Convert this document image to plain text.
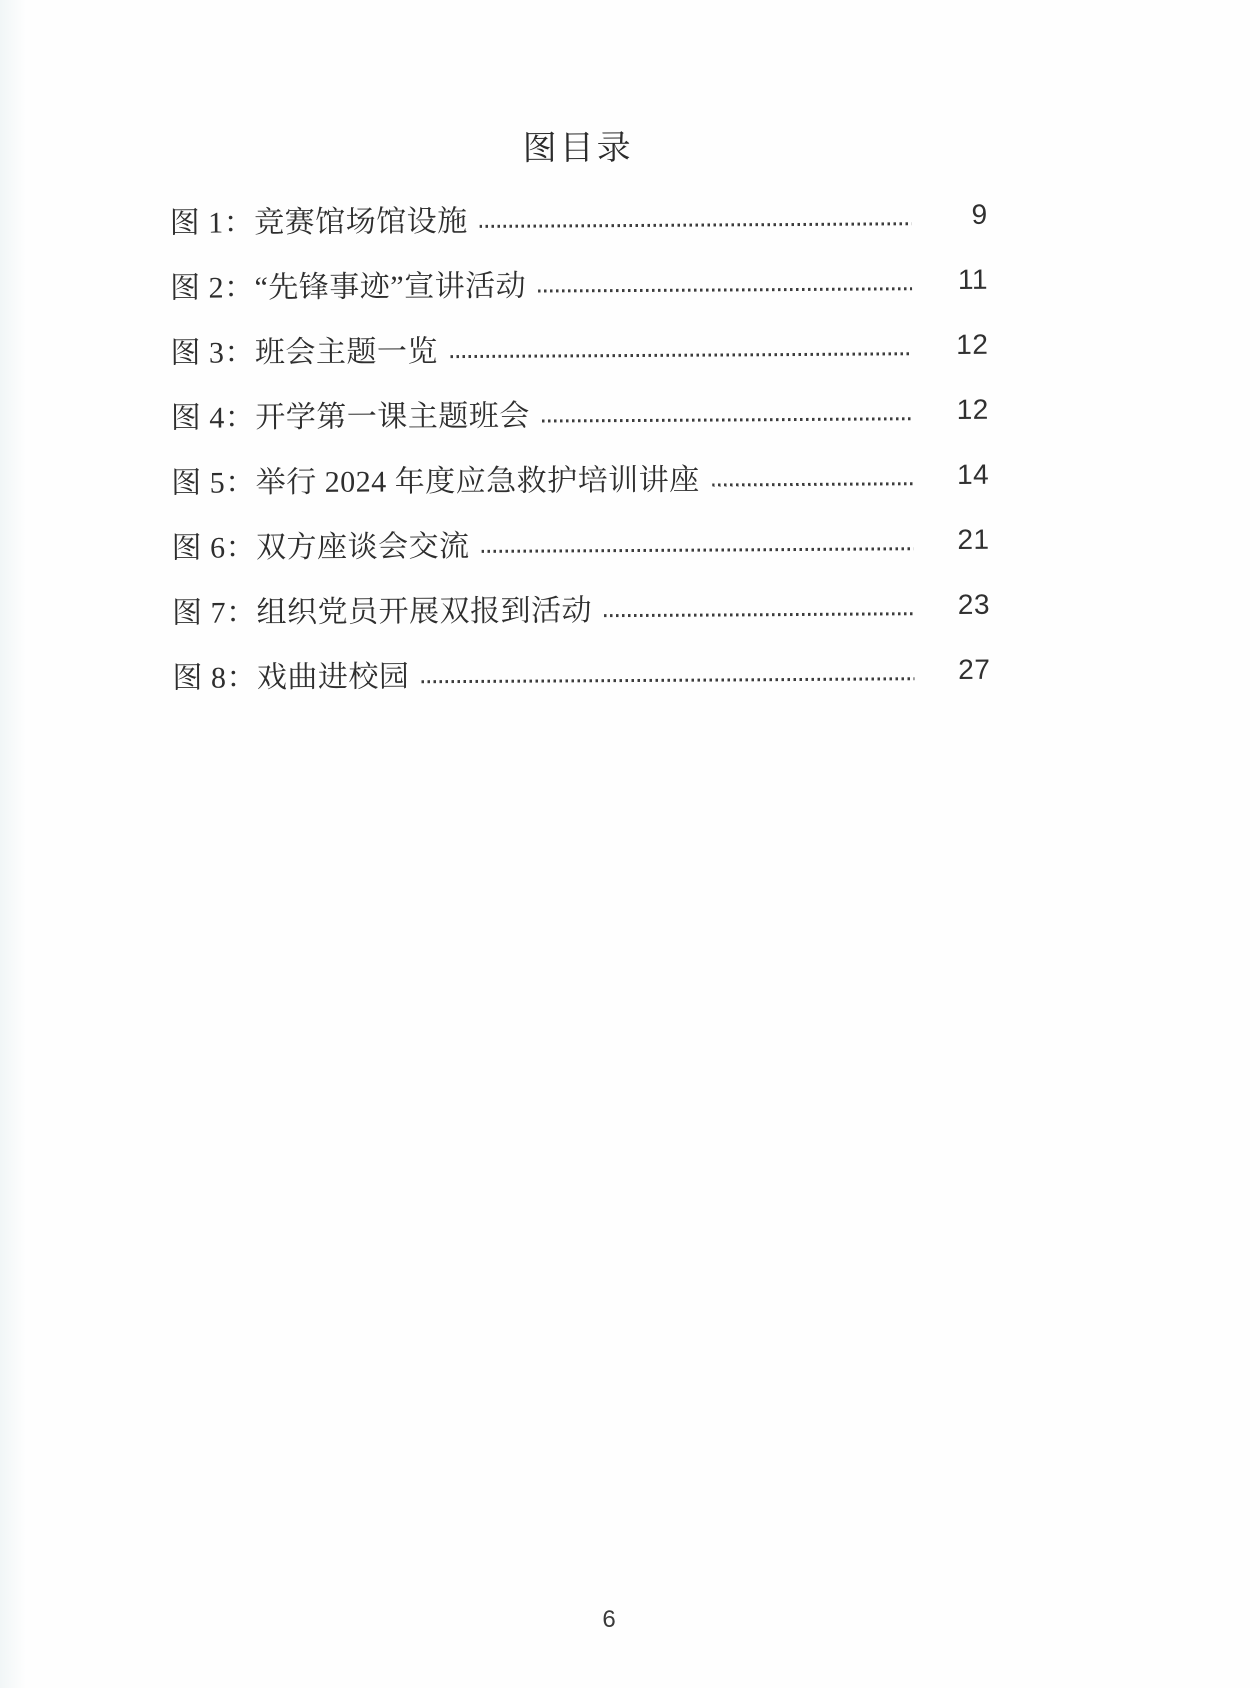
图目录
图 1：竞赛馆场馆设施	9
图 2：“先锋事迹”宣讲活动	11
图 3：班会主题一览	12
图 4：开学第一课主题班会	12
图 5：举行 2024 年度应急救护培训讲座	14
图 6：双方座谈会交流	21
图 7：组织党员开展双报到活动	23
图 8：戏曲进校园	27
6
